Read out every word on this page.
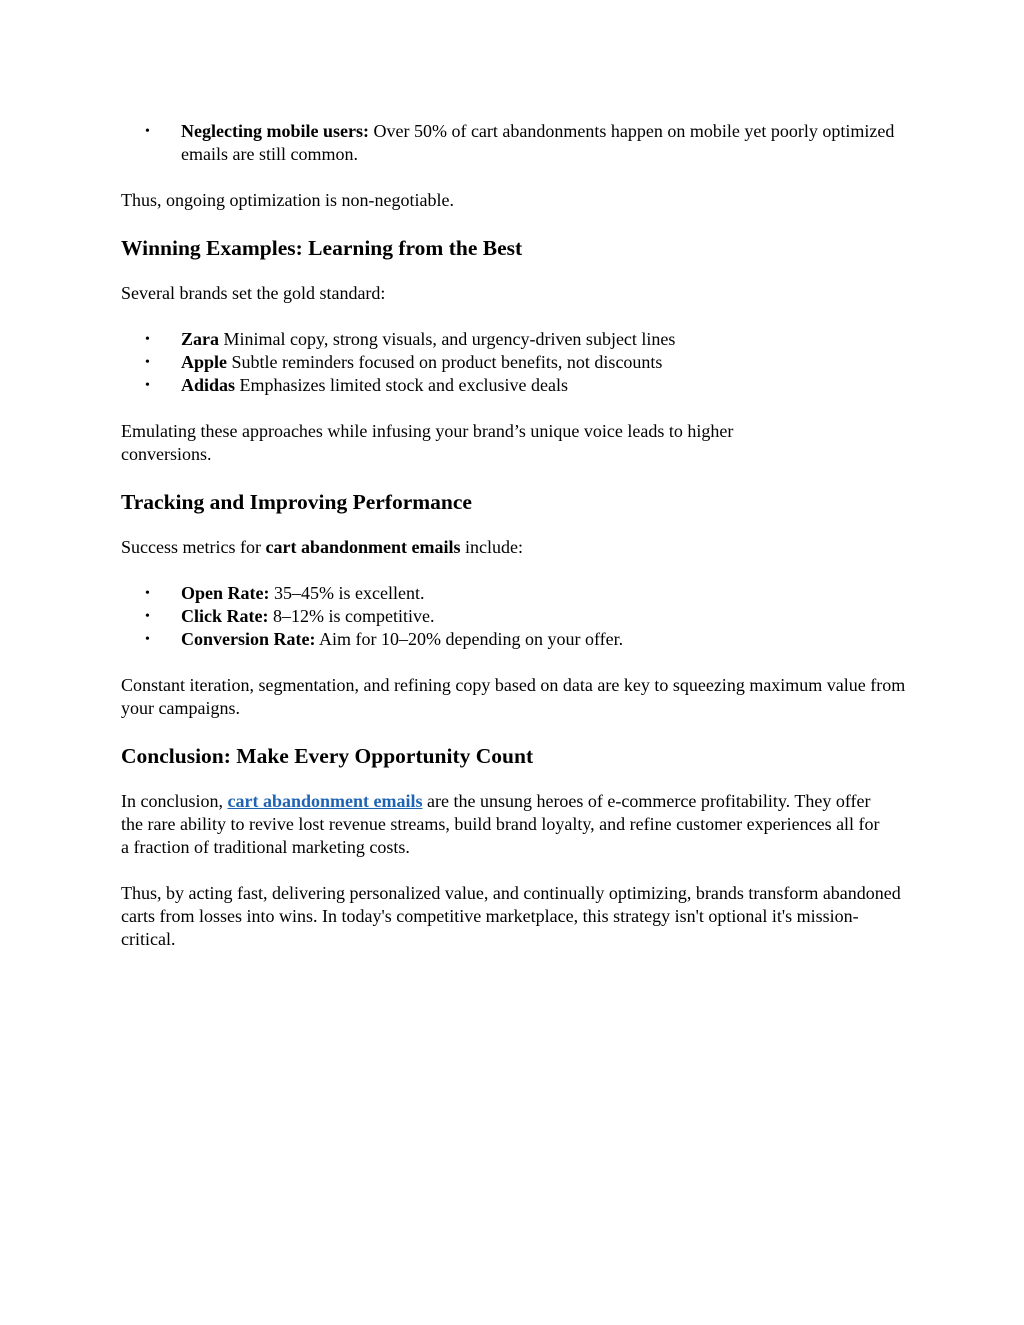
• Neglecting mobile users: Over 50% of cart abandonments happen on mobile yet poorly optimized emails are still common.

Thus, ongoing optimization is non-negotiable.

Winning Examples: Learning from the Best

Several brands set the gold standard:

• Zara Minimal copy, strong visuals, and urgency-driven subject lines
• Apple Subtle reminders focused on product benefits, not discounts
• Adidas Emphasizes limited stock and exclusive deals

Emulating these approaches while infusing your brand’s unique voice leads to higher conversions.

Tracking and Improving Performance

Success metrics for cart abandonment emails include:

• Open Rate: 35–45% is excellent.
• Click Rate: 8–12% is competitive.
• Conversion Rate: Aim for 10–20% depending on your offer.

Constant iteration, segmentation, and refining copy based on data are key to squeezing maximum value from your campaigns.

Conclusion: Make Every Opportunity Count

In conclusion, cart abandonment emails are the unsung heroes of e-commerce profitability. They offer the rare ability to revive lost revenue streams, build brand loyalty, and refine customer experiences all for a fraction of traditional marketing costs.

Thus, by acting fast, delivering personalized value, and continually optimizing, brands transform abandoned carts from losses into wins. In today's competitive marketplace, this strategy isn't optional it's mission-critical.
